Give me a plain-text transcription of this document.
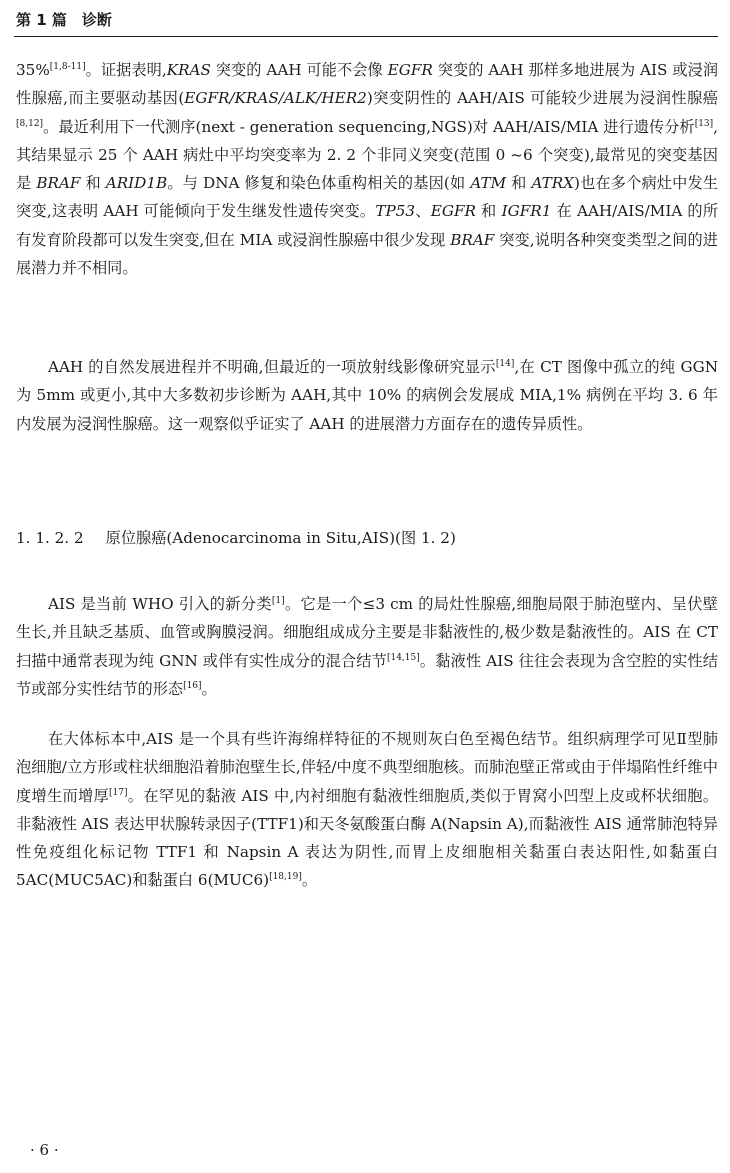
第 1 篇　诊断

35%[1,8-11]。证据表明,KRAS 突变的 AAH 可能不会像 EGFR 突变的 AAH 那样多地进展为 AIS 或浸润性腺癌,而主要驱动基因(EGFR/KRAS/ALK/HER2)突变阴性的 AAH/AIS 可能较少进展为浸润性腺癌[8,12]。最近利用下一代测序(next - generation sequencing,NGS)对 AAH/AIS/MIA 进行遗传分析[13],其结果显示 25 个 AAH 病灶中平均突变率为 2. 2 个非同义突变(范围 0 ~6 个突变),最常见的突变基因是 BRAF 和 ARID1B。与 DNA 修复和染色体重构相关的基因(如 ATM 和 ATRX)也在多个病灶中发生突变,这表明 AAH 可能倾向于发生继发性遗传突变。TP53、EGFR 和 IGFR1 在 AAH/AIS/MIA 的所有发育阶段都可以发生突变,但在 MIA 或浸润性腺癌中很少发现 BRAF 突变,说明各种突变类型之间的进展潜力并不相同。

AAH 的自然发展进程并不明确,但最近的一项放射线影像研究显示[14],在 CT 图像中孤立的纯 GGN 为 5mm 或更小,其中大多数初步诊断为 AAH,其中 10% 的病例会发展成 MIA,1% 病例在平均 3. 6 年内发展为浸润性腺癌。这一观察似乎证实了 AAH 的进展潜力方面存在的遗传异质性。

1. 1. 2. 2 原位腺癌(Adenocarcinoma in Situ,AIS)(图 1. 2)

AIS 是当前 WHO 引入的新分类[1]。它是一个≤3 cm 的局灶性腺癌,细胞局限于肺泡壁内、呈伏壁生长,并且缺乏基质、血管或胸膜浸润。细胞组成成分主要是非黏液性的,极少数是黏液性的。AIS 在 CT 扫描中通常表现为纯 GNN 或伴有实性成分的混合结节[14,15]。黏液性 AIS 往往会表现为含空腔的实性结节或部分实性结节的形态[16]。

在大体标本中,AIS 是一个具有些许海绵样特征的不规则灰白色至褐色结节。组织病理学可见Ⅱ型肺泡细胞/立方形或柱状细胞沿着肺泡壁生长,伴轻/中度不典型细胞核。而肺泡壁正常或由于伴塌陷性纤维中度增生而增厚[17]。在罕见的黏液 AIS 中,内衬细胞有黏液性细胞质,类似于胃窝小凹型上皮或杯状细胞。非黏液性 AIS 表达甲状腺转录因子(TTF1)和天冬氨酸蛋白酶 A(Napsin A),而黏液性 AIS 通常肺泡特异性免疫组化标记物 TTF1 和 Napsin A 表达为阴性,而胃上皮细胞相关黏蛋白表达阳性,如黏蛋白 5AC(MUC5AC)和黏蛋白 6(MUC6)[18,19]。

· 6 ·
